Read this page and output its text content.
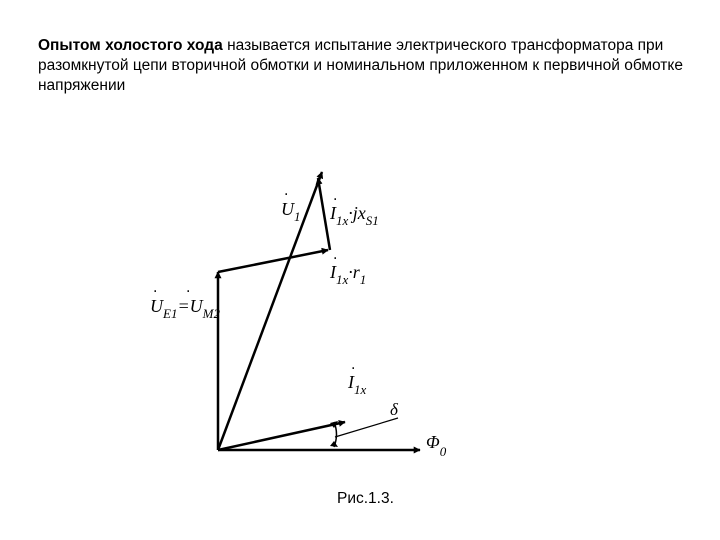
Опытом холостого хода называется испытание электрического трансформатора при разомкнутой цепи вторичной обмотки и номинальном приложенном к первичной обмотке напряжении

$U_1$
·
$I_{1x}\cdot jx_{S1}$
·
$I_{1x}\cdot r_1$
·
$U_{E1}=U_{M2}$
· ·
$I_{1x}$
·
δ
$\Phi_0$

Рис.1.3.
